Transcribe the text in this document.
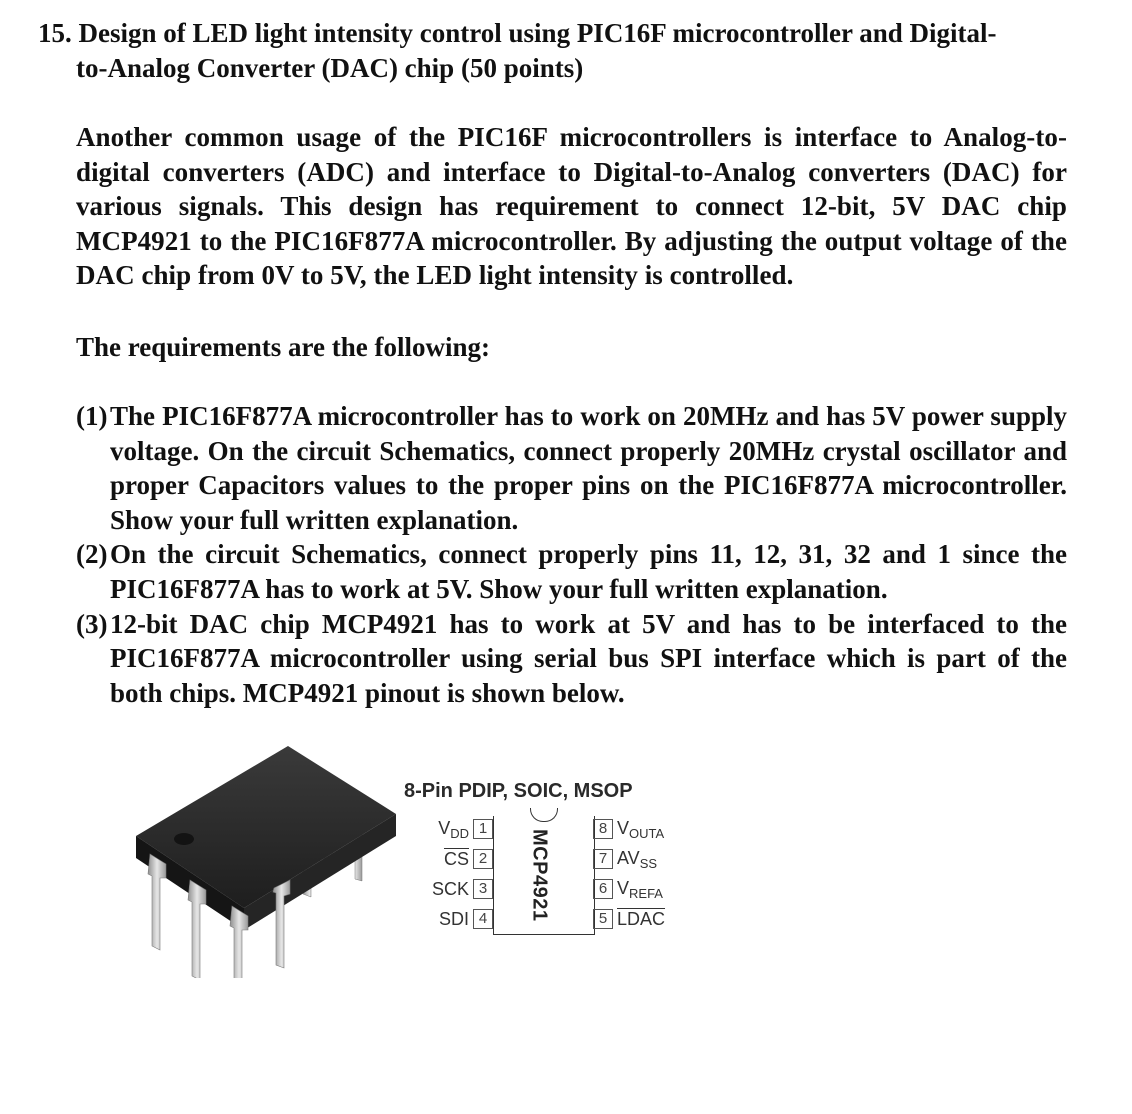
15. Design of LED light intensity control using PIC16F microcontroller and Digital-
to-Analog Converter (DAC) chip (50 points)
Another common usage of the PIC16F microcontrollers is interface to Analog-to-digital converters (ADC) and interface to Digital-to-Analog converters (DAC) for various signals. This design has requirement to connect 12-bit, 5V DAC chip MCP4921 to the PIC16F877A microcontroller. By adjusting the output voltage of the DAC chip from 0V to 5V, the LED light intensity is controlled.
The requirements are the following:
(1) The PIC16F877A microcontroller has to work on 20MHz and has 5V power supply voltage. On the circuit Schematics, connect properly 20MHz crystal oscillator and proper Capacitors values to the proper pins on the PIC16F877A microcontroller. Show your full written explanation.
(2) On the circuit Schematics, connect properly pins 11, 12, 31, 32 and 1 since the PIC16F877A has to work at 5V. Show your full written explanation.
(3) 12-bit DAC chip MCP4921 has to work at 5V and has to be interfaced to the PIC16F877A microcontroller using serial bus SPI interface which is part of the both chips. MCP4921 pinout is shown below.
8-Pin PDIP, SOIC, MSOP
MCP4921
$V_{DD}$ 1
$\overline{CS}$ 2
SCK 3
SDI 4
8 $V_{OUTA}$
7 $AV_{SS}$
6 $V_{REFA}$
5 LDAC
